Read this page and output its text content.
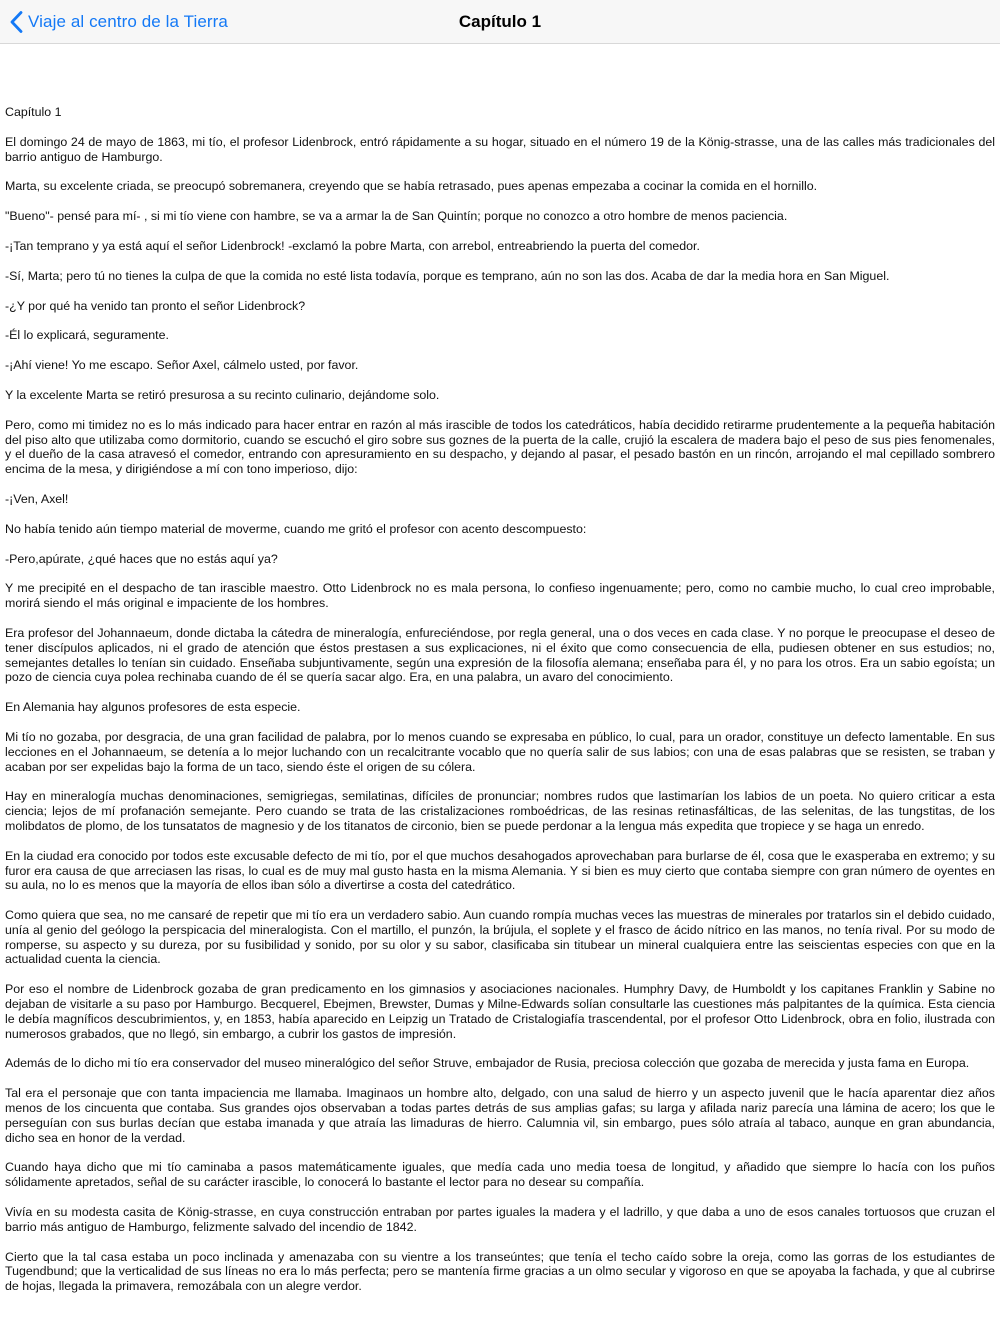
Viaje al centro de la Tierra	Capítulo 1

Capítulo 1

El domingo 24 de mayo de 1863, mi tío, el profesor Lidenbrock, entró rápidamente a su hogar, situado en el número 19 de la König-strasse, una de las calles más tradicionales del barrio antiguo de Hamburgo.

Marta, su excelente criada, se preocupó sobremanera, creyendo que se había retrasado, pues apenas empezaba a cocinar la comida en el hornillo.

"Bueno"- pensé para mí- , si mi tío viene con hambre, se va a armar la de San Quintín; porque no conozco a otro hombre de menos paciencia.

-¡Tan temprano y ya está aquí el señor Lidenbrock! -exclamó la pobre Marta, con arrebol, entreabriendo la puerta del comedor.

-Sí, Marta; pero tú no tienes la culpa de que la comida no esté lista todavía, porque es temprano, aún no son las dos. Acaba de dar la media hora en San Miguel.

-¿Y por qué ha venido tan pronto el señor Lidenbrock?

-Él lo explicará, seguramente.

-¡Ahí viene! Yo me escapo. Señor Axel, cálmelo usted, por favor.

Y la excelente Marta se retiró presurosa a su recinto culinario, dejándome solo.

Pero, como mi timidez no es lo más indicado para hacer entrar en razón al más irascible de todos los catedráticos, había decidido retirarme prudentemente a la pequeña habitación del piso alto que utilizaba como dormitorio, cuando se escuchó el giro sobre sus goznes de la puerta de la calle, crujió la escalera de madera bajo el peso de sus pies fenomenales, y el dueño de la casa atravesó el comedor, entrando con apresuramiento en su despacho, y dejando al pasar, el pesado bastón en un rincón, arrojando el mal cepillado sombrero encima de la mesa, y dirigiéndose a mí con tono imperioso, dijo:

-¡Ven, Axel!

No había tenido aún tiempo material de moverme, cuando me gritó el profesor con acento descompuesto:

-Pero,apúrate, ¿qué haces que no estás aquí ya?

Y me precipité en el despacho de tan irascible maestro. Otto Lidenbrock no es mala persona, lo confieso ingenuamente; pero, como no cambie mucho, lo cual creo improbable, morirá siendo el más original e impaciente de los hombres.

Era profesor del Johannaeum, donde dictaba la cátedra de mineralogía, enfureciéndose, por regla general, una o dos veces en cada clase. Y no porque le preocupase el deseo de tener discípulos aplicados, ni el grado de atención que éstos prestasen a sus explicaciones, ni el éxito que como consecuencia de ella, pudiesen obtener en sus estudios; no, semejantes detalles lo tenían sin cuidado. Enseñaba subjuntivamente, según una expresión de la filosofía alemana; enseñaba para él, y no para los otros. Era un sabio egoísta; un pozo de ciencia cuya polea rechinaba cuando de él se quería sacar algo. Era, en una palabra, un avaro del conocimiento.

En Alemania hay algunos profesores de esta especie.

Mi tío no gozaba, por desgracia, de una gran facilidad de palabra, por lo menos cuando se expresaba en público, lo cual, para un orador, constituye un defecto lamentable. En sus lecciones en el Johannaeum, se detenía a lo mejor luchando con un recalcitrante vocablo que no quería salir de sus labios; con una de esas palabras que se resisten, se traban y acaban por ser expelidas bajo la forma de un taco, siendo éste el origen de su cólera.

Hay en mineralogía muchas denominaciones, semigriegas, semilatinas, difíciles de pronunciar; nombres rudos que lastimarían los labios de un poeta. No quiero criticar a esta ciencia; lejos de mí profanación semejante. Pero cuando se trata de las cristalizaciones romboédricas, de las resinas retinasfálticas, de las selenitas, de las tungstitas, de los molibdatos de plomo, de los tunsatatos de magnesio y de los titanatos de circonio, bien se puede perdonar a la lengua más expedita que tropiece y se haga un enredo.

En la ciudad era conocido por todos este excusable defecto de mi tío, por el que muchos desahogados aprovechaban para burlarse de él, cosa que le exasperaba en extremo; y su furor era causa de que arreciasen las risas, lo cual es de muy mal gusto hasta en la misma Alemania. Y si bien es muy cierto que contaba siempre con gran número de oyentes en su aula, no lo es menos que la mayoría de ellos iban sólo a divertirse a costa del catedrático.

Como quiera que sea, no me cansaré de repetir que mi tío era un verdadero sabio. Aun cuando rompía muchas veces las muestras de minerales por tratarlos sin el debido cuidado, unía al genio del geólogo la perspicacia del mineralogista. Con el martillo, el punzón, la brújula, el soplete y el frasco de ácido nítrico en las manos, no tenía rival. Por su modo de romperse, su aspecto y su dureza, por su fusibilidad y sonido, por su olor y su sabor, clasificaba sin titubear un mineral cualquiera entre las seiscientas especies con que en la actualidad cuenta la ciencia.

Por eso el nombre de Lidenbrock gozaba de gran predicamento en los gimnasios y asociaciones nacionales. Humphry Davy, de Humboldt y los capitanes Franklin y Sabine no dejaban de visitarle a su paso por Hamburgo. Becquerel, Ebejmen, Brewster, Dumas y Milne-Edwards solían consultarle las cuestiones más palpitantes de la química. Esta ciencia le debía magníficos descubrimientos, y, en 1853, había aparecido en Leipzig un Tratado de Cristalogiafía trascendental, por el profesor Otto Lidenbrock, obra en folio, ilustrada con numerosos grabados, que no llegó, sin embargo, a cubrir los gastos de impresión.

Además de lo dicho mi tío era conservador del museo mineralógico del señor Struve, embajador de Rusia, preciosa colección que gozaba de merecida y justa fama en Europa.

Tal era el personaje que con tanta impaciencia me llamaba. Imaginaos un hombre alto, delgado, con una salud de hierro y un aspecto juvenil que le hacía aparentar diez años menos de los cincuenta que contaba. Sus grandes ojos observaban a todas partes detrás de sus amplias gafas; su larga y afilada nariz parecía una lámina de acero; los que le perseguían con sus burlas decían que estaba imanada y que atraía las limaduras de hierro. Calumnia vil, sin embargo, pues sólo atraía al tabaco, aunque en gran abundancia, dicho sea en honor de la verdad.

Cuando haya dicho que mi tío caminaba a pasos matemáticamente iguales, que medía cada uno media toesa de longitud, y añadido que siempre lo hacía con los puños sólidamente apretados, señal de su carácter irascible, lo conocerá lo bastante el lector para no desear su compañía.

Vivía en su modesta casita de König-strasse, en cuya construcción entraban por partes iguales la madera y el ladrillo, y que daba a uno de esos canales tortuosos que cruzan el barrio más antiguo de Hamburgo, felizmente salvado del incendio de 1842.

Cierto que la tal casa estaba un poco inclinada y amenazaba con su vientre a los transeúntes; que tenía el techo caído sobre la oreja, como las gorras de los estudiantes de Tugendbund; que la verticalidad de sus líneas no era lo más perfecta; pero se mantenía firme gracias a un olmo secular y vigoroso en que se apoyaba la fachada, y que al cubrirse de hojas, llegada la primavera, remozábala con un alegre verdor.
